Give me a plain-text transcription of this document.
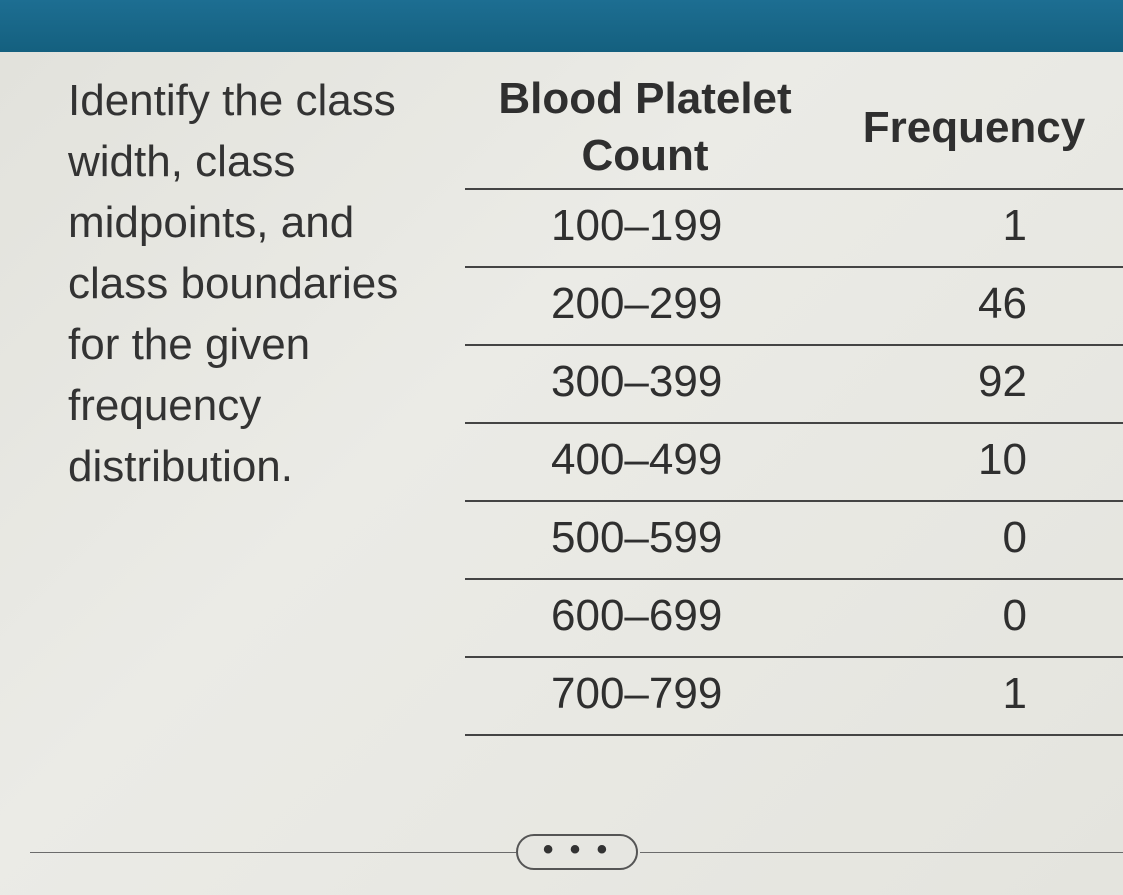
Identify the class width, class midpoints, and class boundaries for the given frequency distribution.

Blood Platelet Count	Frequency
100–199	1
200–299	46
300–399	92
400–499	10
500–599	0
600–699	0
700–799	1
• • •
